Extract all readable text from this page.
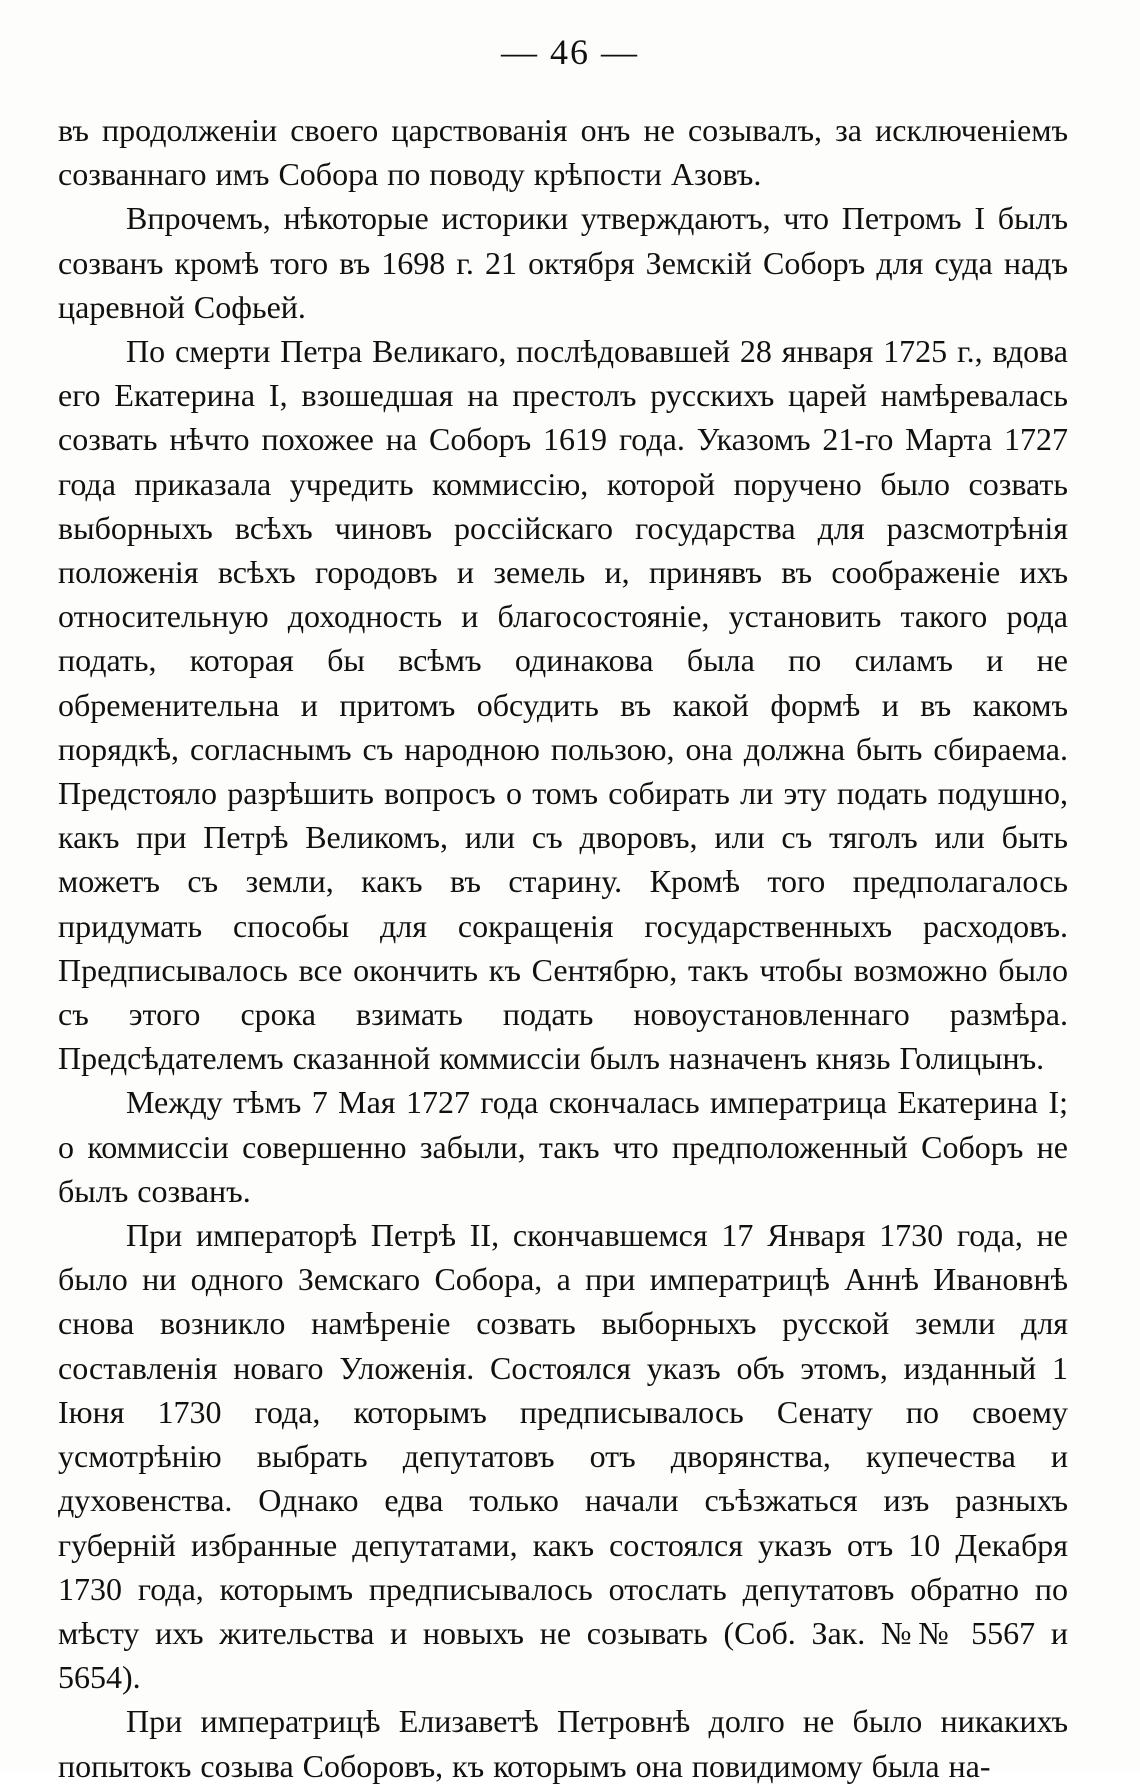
— 46 —

въ продолженіи своего царствованія онъ не созывалъ, за исключеніемъ созваннаго имъ Собора по поводу крѣпости Азовъ.

Впрочемъ, нѣкоторые историки утверждаютъ, что Петромъ I былъ созванъ кромѣ того въ 1698 г. 21 октября Земскій Соборъ для суда надъ царевной Софьей.

По смерти Петра Великаго, послѣдовавшей 28 января 1725 г., вдова его Екатерина I, взошедшая на престолъ русскихъ царей намѣревалась созвать нѣчто похожее на Соборъ 1619 года. Указомъ 21-го Марта 1727 года приказала учредить коммиссію, которой поручено было созвать выборныхъ всѣхъ чиновъ россійскаго государства для разсмотрѣнія положенія всѣхъ городовъ и земель и, принявъ въ соображеніе ихъ относительную доходность и благосостояніе, установить такого рода подать, которая бы всѣмъ одинакова была по силамъ и не обременительна и притомъ обсудить въ какой формѣ и въ какомъ порядкѣ, согласнымъ съ народною пользою, она должна быть сбираема. Предстояло разрѣшить вопросъ о томъ собирать ли эту подать подушно, какъ при Петрѣ Великомъ, или съ дворовъ, или съ тяголъ или быть можетъ съ земли, какъ въ старину. Кромѣ того предполагалось придумать способы для сокращенія государственныхъ расходовъ. Предписывалось все окончить къ Сентябрю, такъ чтобы возможно было съ этого срока взимать подать новоустановленнаго размѣра. Предсѣдателемъ сказанной коммиссіи былъ назначенъ князь Голицынъ.

Между тѣмъ 7 Мая 1727 года скончалась императрица Екатерина I; о коммиссіи совершенно забыли, такъ что предположенный Соборъ не былъ созванъ.

При императорѣ Петрѣ II, скончавшемся 17 Января 1730 года, не было ни одного Земскаго Собора, а при императрицѣ Аннѣ Ивановнѣ снова возникло намѣреніе созвать выборныхъ русской земли для составленія новаго Уложенія. Состоялся указъ объ этомъ, изданный 1 Іюня 1730 года, которымъ предписывалось Сенату по своему усмотрѣнію выбрать депутатовъ отъ дворянства, купечества и духовенства. Однако едва только начали съѣзжаться изъ разныхъ губерній избранные депутатами, какъ состоялся указъ отъ 10 Декабря 1730 года, которымъ предписывалось отослать депутатовъ обратно по мѣсту ихъ жительства и новыхъ не созывать (Соб. Зак. №№ 5567 и 5654).

При императрицѣ Елизаветѣ Петровнѣ долго не было никакихъ попытокъ созыва Соборовъ, къ которымъ она повидимому была на-
